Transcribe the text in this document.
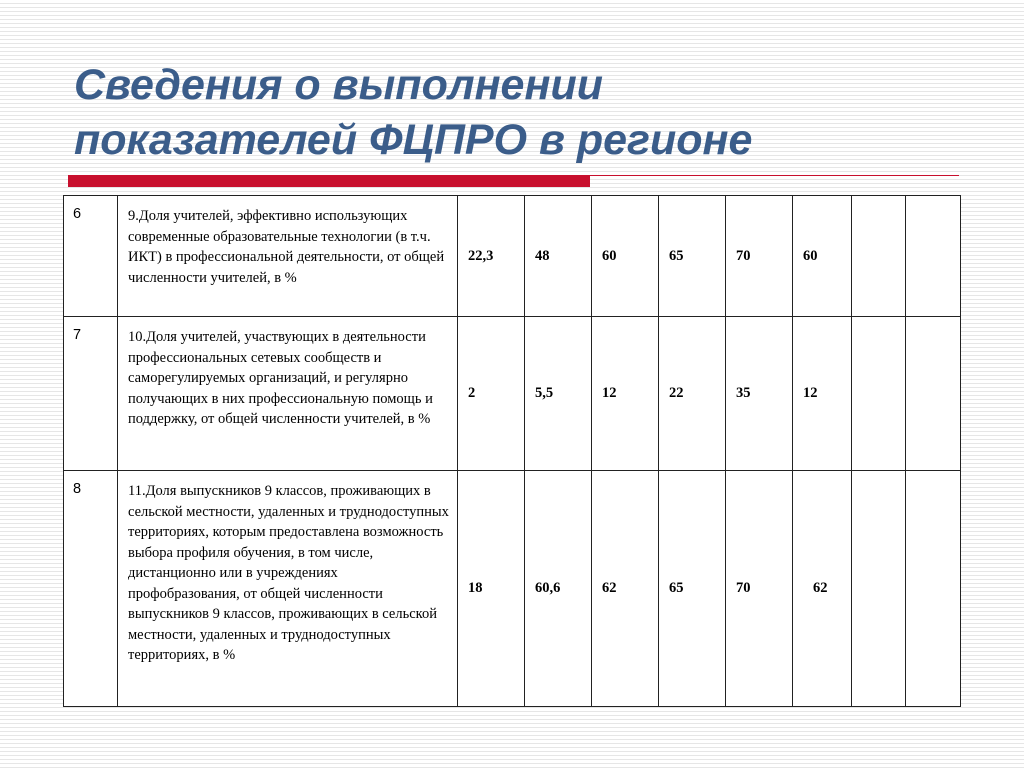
Сведения о выполнении
показателей ФЦПРО в регионе
6	9.Доля учителей, эффективно использующих современные образовательные технологии (в т.ч. ИКТ) в профессиональной деятельности, от общей численности учителей, в %	22,3	48	60	65	70	60		
7	10.Доля учителей, участвующих в деятельности профессиональных сетевых сообществ и саморегулируемых организаций, и регулярно получающих в них профессиональную помощь и поддержку, от общей численности учителей, в %	2	5,5	12	22	35	12		
8	11.Доля выпускников 9 классов, проживающих в сельской местности, удаленных и труднодоступных территориях, которым предоставлена возможность выбора профиля обучения, в том числе, дистанционно или в учреждениях профобразования, от общей численности выпускников 9 классов, проживающих в сельской местности, удаленных и труднодоступных территориях, в %	18	60,6	62	65	70	62		
